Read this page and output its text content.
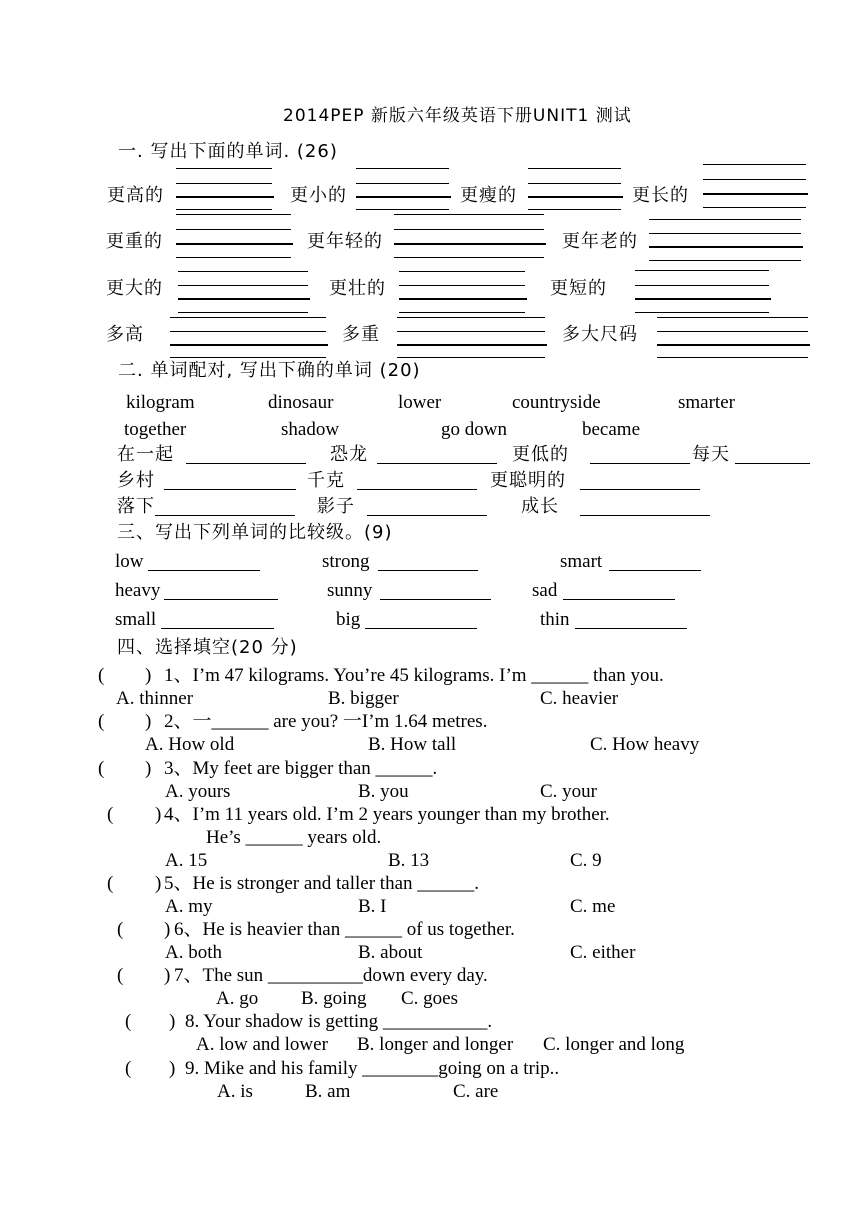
2014PEP 新版六年级英语下册UNIT1 测试
一. 写出下面的单词. (26)
更高的	更小的	更瘦的	更长的
更重的	更年轻的	更年老的
更大的	更壮的	更短的
多高	多重	多大尺码
二. 单词配对, 写出下确的单词 (20)
kilogram	dinosaur	lower	countryside	smarter
together	shadow	go down	became
在一起	恐龙	更低的	每天
乡村	千克	更聪明的
落下	影子	成长
三、写出下列单词的比较级。(9)
low	strong	smart
heavy	sunny	sad
small	big	thin
四、选择填空(20 分)
( ) 1、I’m 47 kilograms. You’re 45 kilograms. I’m ______ than you.
A. thinner	B. bigger	C. heavier
( ) 2、一______ are you? 一I’m 1.64 metres.
A. How old	B. How tall	C. How heavy
( ) 3、My feet are bigger than ______.
A. yours	B. you	C. your
( ) 4、I’m 11 years old. I’m 2 years younger than my brother.
He’s ______ years old.
A. 15	B. 13	C. 9
( ) 5、He is stronger and taller than ______.
A. my	B. I	C. me
( ) 6、He is heavier than ______ of us together.
A. both	B. about	C. either
( ) 7、The sun __________down every day.
A. go B. going C. goes
( ) 8. Your shadow is getting ___________.
A. low and lower B. longer and longer C. longer and long
( ) 9. Mike and his family ________going on a trip..
A. is	B. am	C. are
